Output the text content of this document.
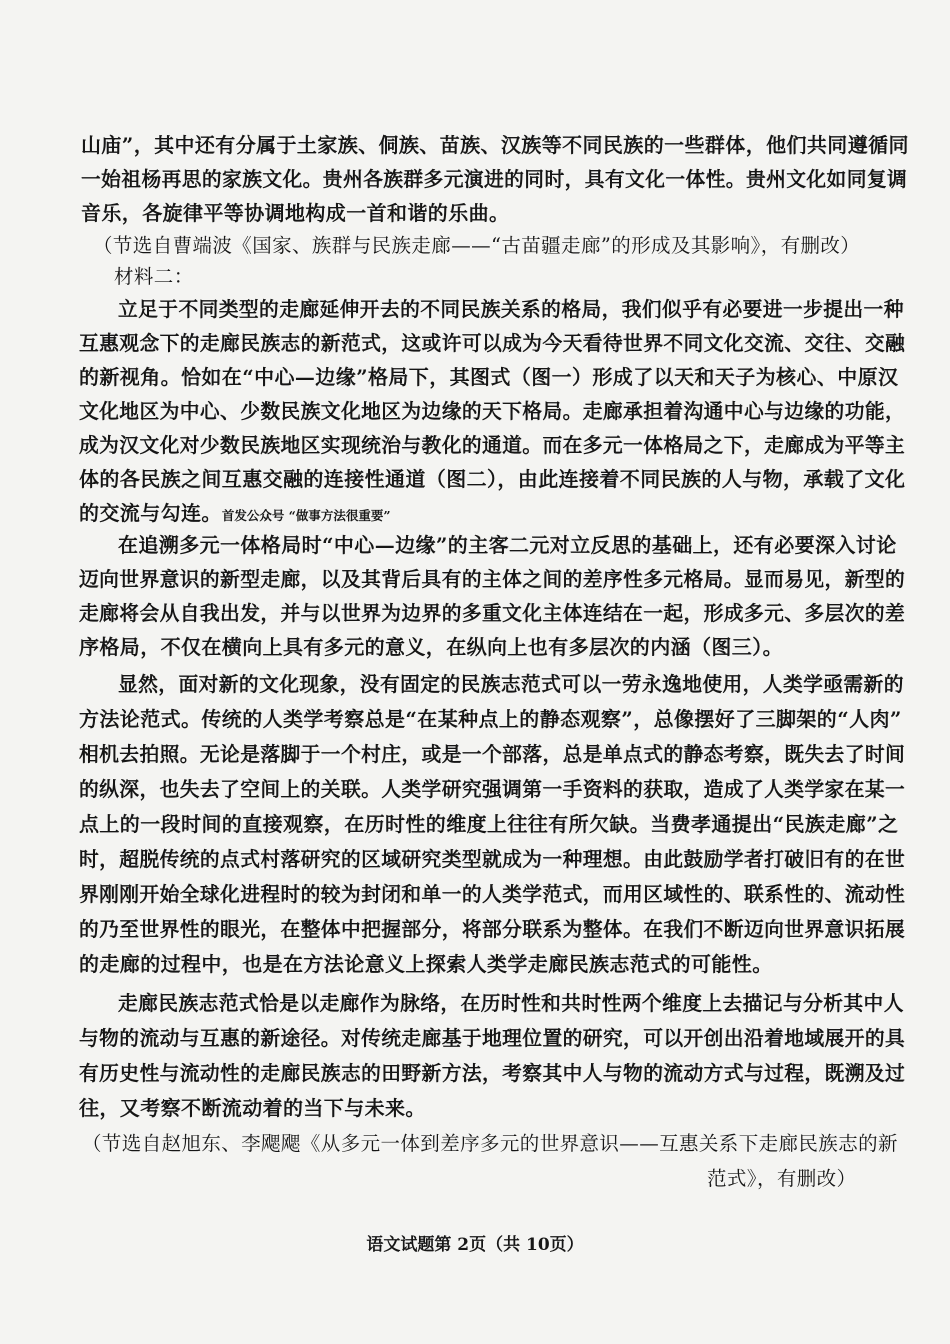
山庙”，其中还有分属于土家族、侗族、苗族、汉族等不同民族的一些群体，他们共同遵循同
一始祖杨再思的家族文化。贵州各族群多元演进的同时，具有文化一体性。贵州文化如同复调
音乐，各旋律平等协调地构成一首和谐的乐曲。
（节选自曹端波《国家、族群与民族走廊——“古苗疆走廊”的形成及其影响》，有删改）
材料二：
立足于不同类型的走廊延伸开去的不同民族关系的格局，我们似乎有必要进一步提出一种
互惠观念下的走廊民族志的新范式，这或许可以成为今天看待世界不同文化交流、交往、交融
的新视角。恰如在“中心—边缘”格局下，其图式（图一）形成了以天和天子为核心、中原汉
文化地区为中心、少数民族文化地区为边缘的天下格局。走廊承担着沟通中心与边缘的功能，
成为汉文化对少数民族地区实现统治与教化的通道。而在多元一体格局之下，走廊成为平等主
体的各民族之间互惠交融的连接性通道（图二），由此连接着不同民族的人与物，承载了文化
的交流与勾连。首发公众号 “做事方法很重要”
在追溯多元一体格局时“中心—边缘”的主客二元对立反思的基础上，还有必要深入讨论
迈向世界意识的新型走廊，以及其背后具有的主体之间的差序性多元格局。显而易见，新型的
走廊将会从自我出发，并与以世界为边界的多重文化主体连结在一起，形成多元、多层次的差
序格局，不仅在横向上具有多元的意义，在纵向上也有多层次的内涵（图三）。
显然，面对新的文化现象，没有固定的民族志范式可以一劳永逸地使用，人类学亟需新的
方法论范式。传统的人类学考察总是“在某种点上的静态观察”，总像摆好了三脚架的“人肉”
相机去拍照。无论是落脚于一个村庄，或是一个部落，总是单点式的静态考察，既失去了时间
的纵深，也失去了空间上的关联。人类学研究强调第一手资料的获取，造成了人类学家在某一
点上的一段时间的直接观察，在历时性的维度上往往有所欠缺。当费孝通提出“民族走廊”之
时，超脱传统的点式村落研究的区域研究类型就成为一种理想。由此鼓励学者打破旧有的在世
界刚刚开始全球化进程时的较为封闭和单一的人类学范式，而用区域性的、联系性的、流动性
的乃至世界性的眼光，在整体中把握部分，将部分联系为整体。在我们不断迈向世界意识拓展
的走廊的过程中，也是在方法论意义上探索人类学走廊民族志范式的可能性。
走廊民族志范式恰是以走廊作为脉络，在历时性和共时性两个维度上去描记与分析其中人
与物的流动与互惠的新途径。对传统走廊基于地理位置的研究，可以开创出沿着地域展开的具
有历史性与流动性的走廊民族志的田野新方法，考察其中人与物的流动方式与过程，既溯及过
往，又考察不断流动着的当下与未来。
（节选自赵旭东、李飔飔《从多元一体到差序多元的世界意识——互惠关系下走廊民族志的新
范式》，有删改）
语文试题第 2页（共 10页）
